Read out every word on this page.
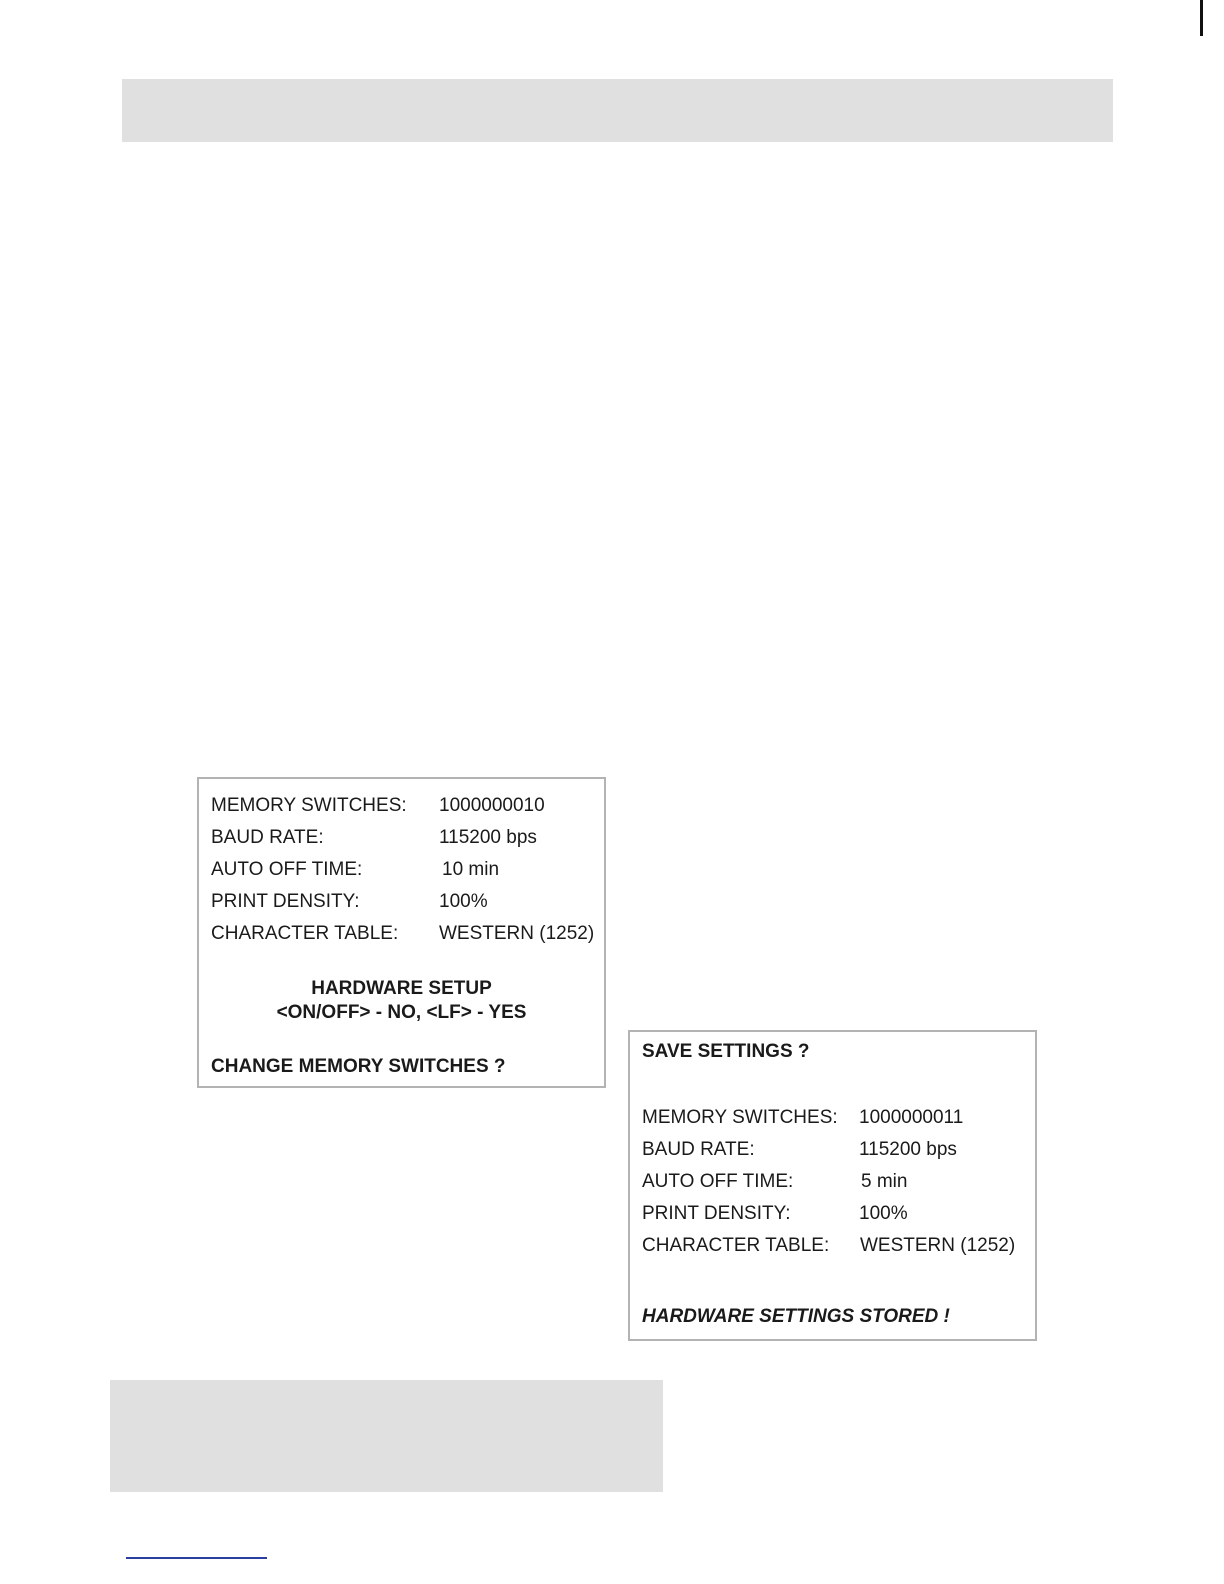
MEMORY SWITCHES: 1000000010
BAUD RATE:	115200 bps
AUTO OFF TIME:	10 min
PRINT DENSITY:	100%
CHARACTER TABLE: WESTERN (1252)
HARDWARE SETUP
<ON/OFF> - NO, <LF> - YES
CHANGE MEMORY SWITCHES ?
SAVE SETTINGS ?
MEMORY SWITCHES: 1000000011
BAUD RATE:	115200 bps
AUTO OFF TIME:	5 min
PRINT DENSITY:	100%
CHARACTER TABLE: WESTERN (1252)
HARDWARE SETTINGS STORED !
